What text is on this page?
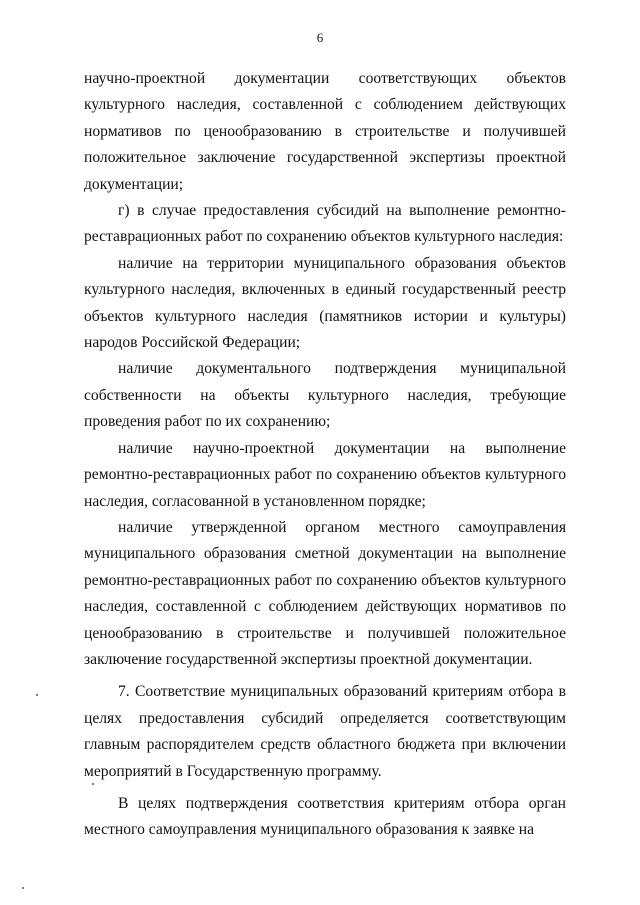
6

научно-проектной документации соответствующих объектов культурного наследия, составленной с соблюдением действующих нормативов по ценообразованию в строительстве и получившей положительное заключение государственной экспертизы проектной документации;

г) в случае предоставления субсидий на выполнение ремонтно-реставрационных работ по сохранению объектов культурного наследия:

наличие на территории муниципального образования объектов культурного наследия, включенных в единый государственный реестр объектов культурного наследия (памятников истории и культуры) народов Российской Федерации;

наличие документального подтверждения муниципальной собственности на объекты культурного наследия, требующие проведения работ по их сохранению;

наличие научно-проектной документации на выполнение ремонтно-реставрационных работ по сохранению объектов культурного наследия, согласованной в установленном порядке;

наличие утвержденной органом местного самоуправления муниципального образования сметной документации на выполнение ремонтно-реставрационных работ по сохранению объектов культурного наследия, составленной с соблюдением действующих нормативов по ценообразованию в строительстве и получившей положительное заключение государственной экспертизы проектной документации.

7. Соответствие муниципальных образований критериям отбора в целях предоставления субсидий определяется соответствующим главным распорядителем средств областного бюджета при включении мероприятий в Государственную программу.

В целях подтверждения соответствия критериям отбора орган местного самоуправления муниципального образования к заявке на
